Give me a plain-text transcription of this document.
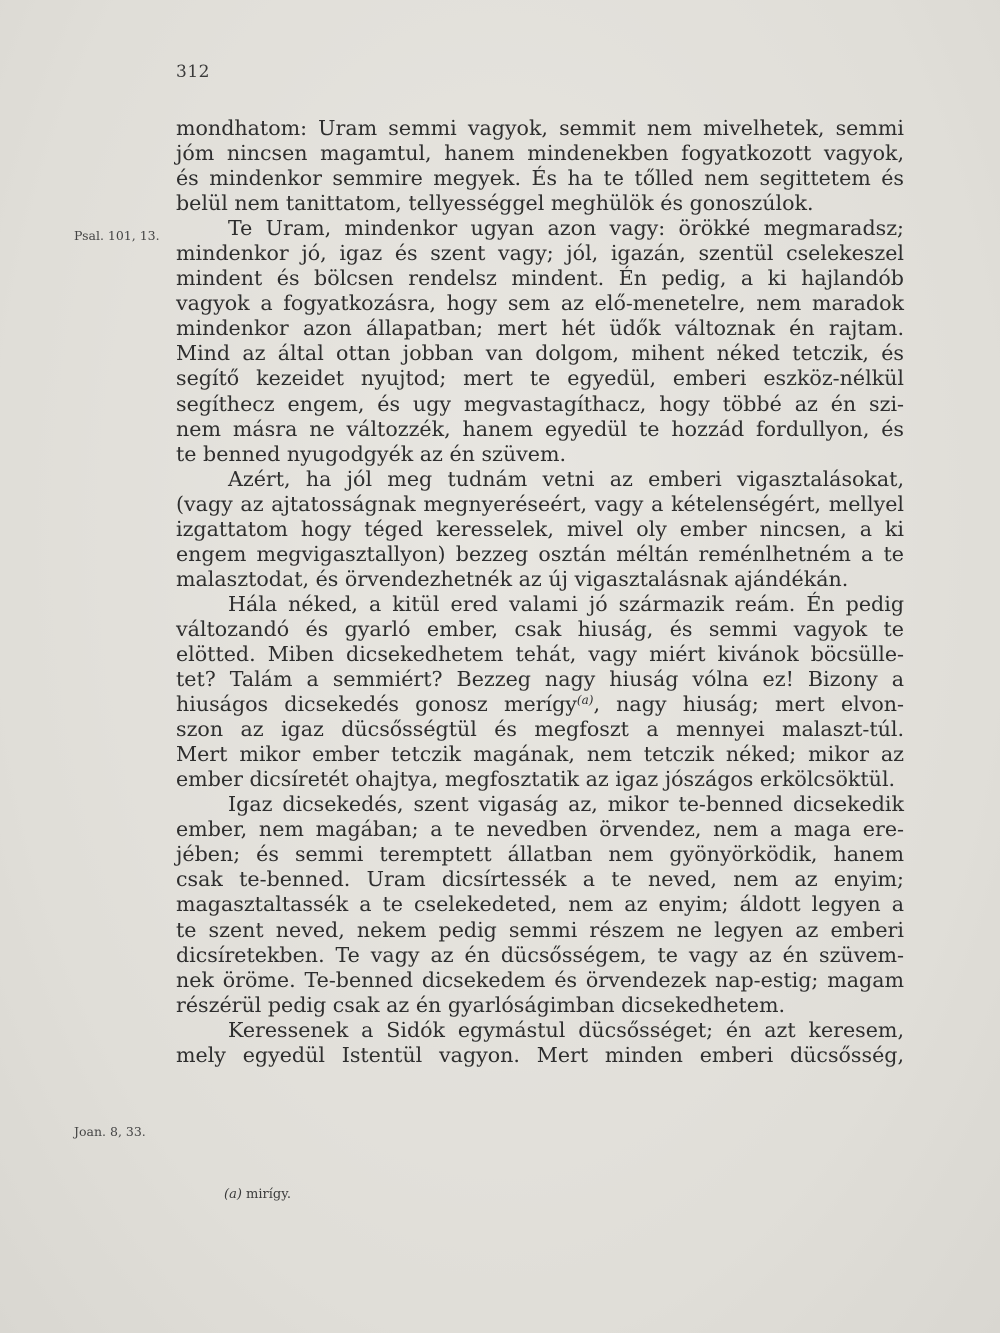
312
Psal. 101, 13.
Joan. 8, 33.
mondhatom: Uram semmi vagyok, semmit nem mivelhetek, semmi
jóm nincsen magamtul, hanem mindenekben fogyatkozott vagyok,
és mindenkor semmire megyek. És ha te tőlled nem segittetem és
belül nem tanittatom, tellyességgel meghülök és gonoszúlok.
Te Uram, mindenkor ugyan azon vagy: örökké megmaradsz;
mindenkor jó, igaz és szent vagy; jól, igazán, szentül cselekeszel
mindent és bölcsen rendelsz mindent. Én pedig, a ki hajlandób
vagyok a fogyatkozásra, hogy sem az elő-menetelre, nem maradok
mindenkor azon állapatban; mert hét üdők változnak én rajtam.
Mind az által ottan jobban van dolgom, mihent néked tetczik, és
segítő kezeidet nyujtod; mert te egyedül, emberi eszköz-nélkül
segíthecz engem, és ugy megvastagíthacz, hogy többé az én szi-
nem másra ne változzék, hanem egyedül te hozzád fordullyon, és
te benned nyugodgyék az én szüvem.
Azért, ha jól meg tudnám vetni az emberi vigasztalásokat,
(vagy az ajtatosságnak megnyeréseért, vagy a kételenségért, mellyel
izgattatom hogy téged keresselek, mivel oly ember nincsen, a ki
engem megvigasztallyon) bezzeg osztán méltán reménlhetném a te
malasztodat, és örvendezhetnék az új vigasztalásnak ajándékán.
Hála néked, a kitül ered valami jó származik reám. Én pedig
változandó és gyarló ember, csak hiuság, és semmi vagyok te
elötted. Miben dicsekedhetem tehát, vagy miért kivánok böcsülle-
tet? Talám a semmiért? Bezzeg nagy hiuság vólna ez! Bizony a
hiuságos dicsekedés gonosz merígy$^{(a)}$, nagy hiuság; mert elvon-
szon az igaz dücsősségtül és megfoszt a mennyei malaszt-túl.
Mert mikor ember tetczik magának, nem tetczik néked; mikor az
ember dicsíretét ohajtya, megfosztatik az igaz jószágos erkölcsöktül.
Igaz dicsekedés, szent vigaság az, mikor te-benned dicsekedik
ember, nem magában; a te nevedben örvendez, nem a maga ere-
jében; és semmi teremptett állatban nem gyönyörködik, hanem
csak te-benned. Uram dicsírtessék a te neved, nem az enyim;
magasztaltassék a te cselekedeted, nem az enyim; áldott legyen a
te szent neved, nekem pedig semmi részem ne legyen az emberi
dicsíretekben. Te vagy az én dücsősségem, te vagy az én szüvem-
nek öröme. Te-benned dicsekedem és örvendezek nap-estig; magam
részérül pedig csak az én gyarlóságimban dicsekedhetem.
Keressenek a Sidók egymástul dücsősséget; én azt keresem,
mely egyedül Istentül vagyon. Mert minden emberi dücsősség,
(a) mirígy.
